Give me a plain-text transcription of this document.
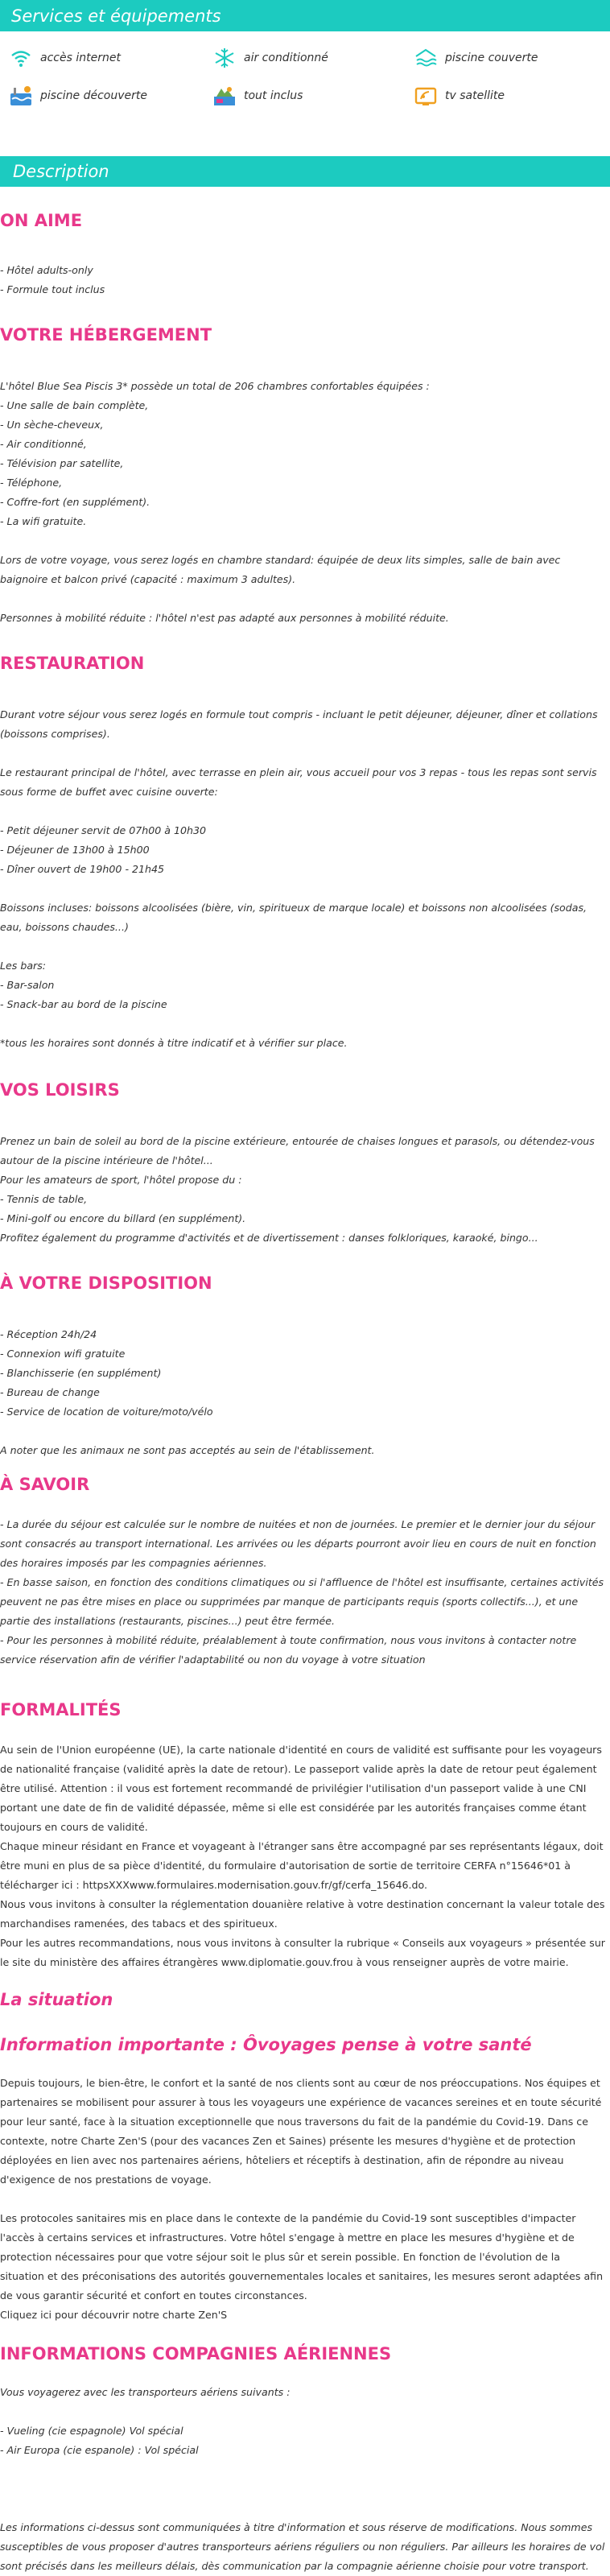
Services et équipements
accès internet	air conditionné	piscine couverte
piscine découverte	tout inclus	tv satellite
Description
ON AIME

- Hôtel adults-only
- Formule tout inclus

VOTRE HÉBERGEMENT

L'hôtel Blue Sea Piscis 3* possède un total de 206 chambres confortables équipées :
- Une salle de bain complète,
- Un sèche-cheveux,
- Air conditionné,
- Télévision par satellite,
- Téléphone,
- Coffre-fort (en supplément).
- La wifi gratuite.

Lors de votre voyage, vous serez logés en chambre standard: équipée de deux lits simples, salle de bain avec baignoire et balcon privé (capacité : maximum 3 adultes).

Personnes à mobilité réduite : l'hôtel n'est pas adapté aux personnes à mobilité réduite.

RESTAURATION

Durant votre séjour vous serez logés en formule tout compris - incluant le petit déjeuner, déjeuner, dîner et collations (boissons comprises).

Le restaurant principal de l'hôtel, avec terrasse en plein air, vous accueil pour vos 3 repas - tous les repas sont servis sous forme de buffet avec cuisine ouverte:

- Petit déjeuner servit de 07h00 à 10h30
- Déjeuner de 13h00 à 15h00
- Dîner ouvert de 19h00 - 21h45

Boissons incluses: boissons alcoolisées (bière, vin, spiritueux de marque locale) et boissons non alcoolisées (sodas, eau, boissons chaudes...)

Les bars:
- Bar-salon
- Snack-bar au bord de la piscine

*tous les horaires sont donnés à titre indicatif et à vérifier sur place.

VOS LOISIRS

Prenez un bain de soleil au bord de la piscine extérieure, entourée de chaises longues et parasols, ou détendez-vous autour de la piscine intérieure de l'hôtel...
Pour les amateurs de sport, l'hôtel propose du :
- Tennis de table,
- Mini-golf ou encore du billard (en supplément).
Profitez également du programme d'activités et de divertissement : danses folkloriques, karaoké, bingo...

À VOTRE DISPOSITION

- Réception 24h/24
- Connexion wifi gratuite
- Blanchisserie (en supplément)
- Bureau de change
- Service de location de voiture/moto/vélo

A noter que les animaux ne sont pas acceptés au sein de l'établissement.

À SAVOIR

- La durée du séjour est calculée sur le nombre de nuitées et non de journées. Le premier et le dernier jour du séjour sont consacrés au transport international. Les arrivées ou les départs pourront avoir lieu en cours de nuit en fonction des horaires imposés par les compagnies aériennes.
- En basse saison, en fonction des conditions climatiques ou si l'affluence de l'hôtel est insuffisante, certaines activités peuvent ne pas être mises en place ou supprimées par manque de participants requis (sports collectifs...), et une partie des installations (restaurants, piscines...) peut être fermée.
- Pour les personnes à mobilité réduite, préalablement à toute confirmation, nous vous invitons à contacter notre service réservation afin de vérifier l'adaptabilité ou non du voyage à votre situation

FORMALITÉS

Au sein de l'Union européenne (UE), la carte nationale d'identité en cours de validité est suffisante pour les voyageurs de nationalité française (validité après la date de retour). Le passeport valide après la date de retour peut également être utilisé. Attention : il vous est fortement recommandé de privilégier l'utilisation d'un passeport valide à une CNI portant une date de fin de validité dépassée, même si elle est considérée par les autorités françaises comme étant toujours en cours de validité.
Chaque mineur résidant en France et voyageant à l'étranger sans être accompagné par ses représentants légaux, doit être muni en plus de sa pièce d'identité, du formulaire d'autorisation de sortie de territoire CERFA n°15646*01 à télécharger ici : httpsXXXwww.formulaires.modernisation.gouv.fr/gf/cerfa_15646.do.
Nous vous invitons à consulter la réglementation douanière relative à votre destination concernant la valeur totale des marchandises ramenées, des tabacs et des spiritueux.
Pour les autres recommandations, nous vous invitons à consulter la rubrique « Conseils aux voyageurs » présentée sur le site du ministère des affaires étrangères www.diplomatie.gouv.frou à vous renseigner auprès de votre mairie.

La situation
Information importante : Ôvoyages pense à votre santé

Depuis toujours, le bien-être, le confort et la santé de nos clients sont au cœur de nos préoccupations. Nos équipes et partenaires se mobilisent pour assurer à tous les voyageurs une expérience de vacances sereines et en toute sécurité pour leur santé, face à la situation exceptionnelle que nous traversons du fait de la pandémie du Covid-19. Dans ce contexte, notre Charte Zen'S (pour des vacances Zen et Saines) présente les mesures d'hygiène et de protection déployées en lien avec nos partenaires aériens, hôteliers et réceptifs à destination, afin de répondre au niveau d'exigence de nos prestations de voyage.

Les protocoles sanitaires mis en place dans le contexte de la pandémie du Covid-19 sont susceptibles d'impacter l'accès à certains services et infrastructures. Votre hôtel s'engage à mettre en place les mesures d'hygiène et de protection nécessaires pour que votre séjour soit le plus sûr et serein possible. En fonction de l'évolution de la situation et des préconisations des autorités gouvernementales locales et sanitaires, les mesures seront adaptées afin de vous garantir sécurité et confort en toutes circonstances.
Cliquez ici pour découvrir notre charte Zen'S

INFORMATIONS COMPAGNIES AÉRIENNES

Vous voyagerez avec les transporteurs aériens suivants :

- Vueling (cie espagnole) Vol spécial
- Air Europa (cie espanole) : Vol spécial

Les informations ci-dessus sont communiquées à titre d'information et sous réserve de modifications. Nous sommes susceptibles de vous proposer d'autres transporteurs aériens réguliers ou non réguliers. Par ailleurs les horaires de vol sont précisés dans les meilleurs délais, dès communication par la compagnie aérienne choisie pour votre transport.
